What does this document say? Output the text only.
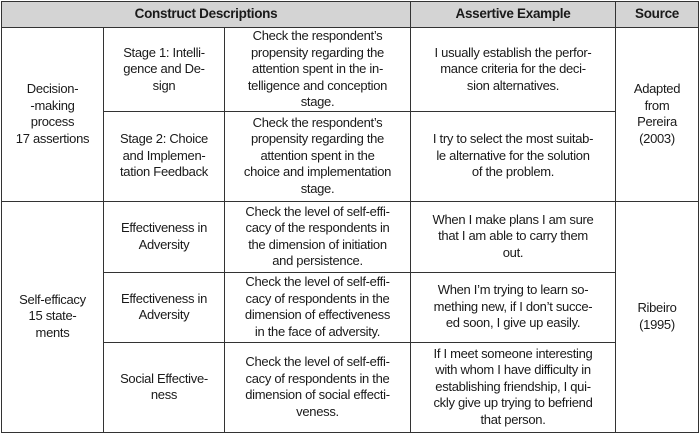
Construct Descriptions			Assertive Example	Source
Decision-
-making
process
17 assertions	Stage 1: Intelli-
gence and De-
sign	Check the respondent’s
propensity regarding the
attention spent in the in-
telligence and conception
stage.	I usually establish the perfor-
mance criteria for the deci-
sion alternatives.	Adapted
from
Pereira
(2003)
	Stage 2: Choice
and Implemen-
tation Feedback	Check the respondent’s
propensity regarding the
attention spent in the
choice and implementation
stage.	I try to select the most suitab-
le alternative for the solution
of the problem.	
Self-efficacy
15 state-
ments	Effectiveness in
Adversity	Check the level of self-effi-
cacy of the respondents in
the dimension of initiation
and persistence.	When I make plans I am sure
that I am able to carry them
out.	Ribeiro
(1995)
	Effectiveness in
Adversity	Check the level of self-effi-
cacy of respondents in the
dimension of effectiveness
in the face of adversity.	When I’m trying to learn so-
mething new, if I don’t succe-
ed soon, I give up easily.	
	Social Effective-
ness	Check the level of self-effi-
cacy of respondents in the
dimension of social effecti-
veness.	If I meet someone interesting
with whom I have difficulty in
establishing friendship, I qui-
ckly give up trying to befriend
that person.	
